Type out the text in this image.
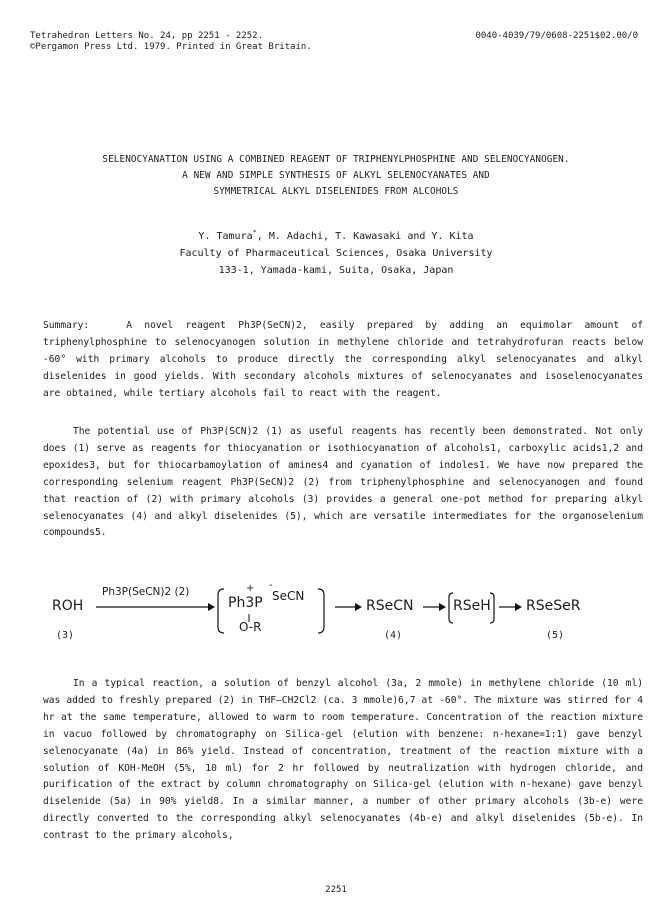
Tetrahedron Letters No. 24, pp 2251 - 2252.
©Pergamon Press Ltd. 1979. Printed in Great Britain.
0040-4039/79/0608-2251$02.00/0
SELENOCYANATION USING A COMBINED REAGENT OF TRIPHENYLPHOSPHINE AND SELENOCYANOGEN.
A NEW AND SIMPLE SYNTHESIS OF ALKYL SELENOCYANATES AND
SYMMETRICAL ALKYL DISELENIDES FROM ALCOHOLS
Y. Tamura*, M. Adachi, T. Kawasaki and Y. Kita
Faculty of Pharmaceutical Sciences, Osaka University
133-1, Yamada-kami, Suita, Osaka, Japan

Summary:	A novel reagent Ph3P(SeCN)2, easily prepared by adding an equimolar amount of triphenylphosphine to selenocyanogen solution in methylene chloride and tetrahydrofuran reacts below -60° with primary alcohols to produce directly the corresponding alkyl selenocyanates and alkyl diselenides in good yields. With secondary alcohols mixtures of selenocyanates and isoselenocyanates are obtained, while tertiary alcohols fail to react with the reagent.

The potential use of Ph3P(SCN)2 (1) as useful reagents has recently been demonstrated. Not only does (1) serve as reagents for thiocyanation or isothiocyanation of alcohols1, carboxylic acids1,2 and epoxides3, but for thiocarbamoylation of amines4 and cyanation of indoles1. We have now prepared the corresponding selenium reagent Ph3P(SeCN)2 (2) from triphenylphosphine and selenocyanogen and found that reaction of (2) with primary alcohols (3) provides a general one-pot method for preparing alkyl selenocyanates (4) and alkyl diselenides (5), which are versatile intermediates for the organoselenium compounds5.

ROH
Ph3P(SeCN)2 (2)
Ph3P
+
SeCN
-
O-R
RSeCN	RSeH	RSeSeR
(3)	(4)	(5)

In a typical reaction, a solution of benzyl alcohol (3a, 2 mmole) in methylene chloride (10 ml) was added to freshly prepared (2) in THF—CH2Cl2 (ca. 3 mmole)6,7 at -60°. The mixture was stirred for 4 hr at the same temperature, allowed to warm to room temperature. Concentration of the reaction mixture in vacuo followed by chromatography on Silica-gel (elution with benzene: n-hexane=1:1) gave benzyl selenocyanate (4a) in 86% yield. Instead of concentration, treatment of the reaction mixture with a solution of KOH-MeOH (5%, 10 ml) for 2 hr followed by neutralization with hydrogen chloride, and purification of the extract by column chromatography on Silica-gel (elution with n-hexane) gave benzyl diselenide (5a) in 90% yield8. In a similar manner, a number of other primary alcohols (3b-e) were directly converted to the corresponding alkyl selenocyanates (4b-e) and alkyl diselenides (5b-e). In contrast to the primary alcohols,

2251
